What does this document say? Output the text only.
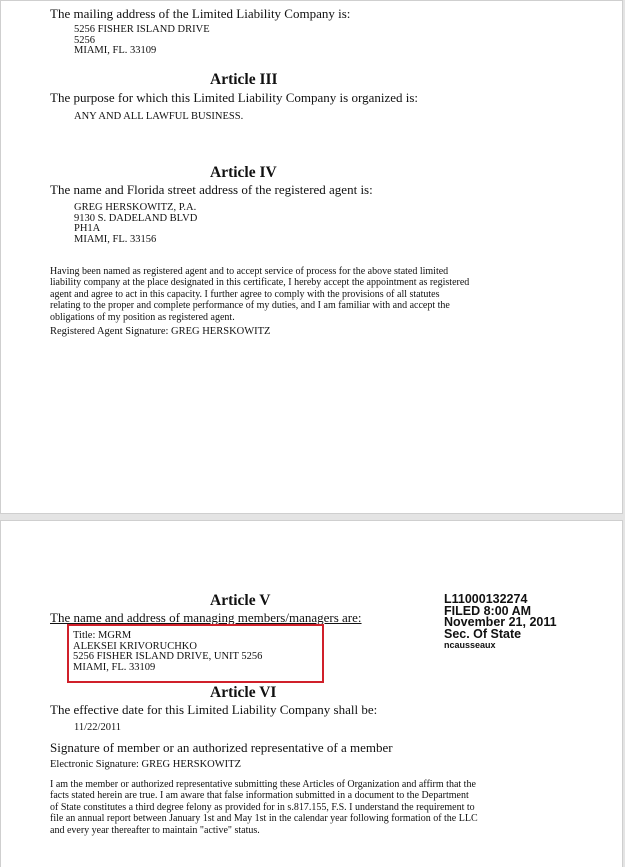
The mailing address of the Limited Liability Company is:
5256 FISHER ISLAND DRIVE
5256
MIAMI, FL. 33109
Article III
The purpose for which this Limited Liability Company is organized is:
ANY AND ALL LAWFUL BUSINESS.
Article IV
The name and Florida street address of the registered agent is:
GREG HERSKOWITZ, P.A.
9130 S. DADELAND BLVD
PH1A
MIAMI, FL. 33156
Having been named as registered agent and to accept service of process for the above stated limited
liability company at the place designated in this certificate, I hereby accept the appointment as registered
agent and agree to act in this capacity. I further agree to comply with the provisions of all statutes
relating to the proper and complete performance of my duties, and I am familiar with and accept the
obligations of my position as registered agent.
Registered Agent Signature: GREG HERSKOWITZ
L11000132274
FILED 8:00 AM
November 21, 2011
Sec. Of State
ncausseaux
Article V
The name and address of managing members/managers are:
Title: MGRM
ALEKSEI KRIVORUCHKO
5256 FISHER ISLAND DRIVE, UNIT 5256
MIAMI, FL. 33109
Article VI
The effective date for this Limited Liability Company shall be:
11/22/2011
Signature of member or an authorized representative of a member
Electronic Signature: GREG HERSKOWITZ
I am the member or authorized representative submitting these Articles of Organization and affirm that the
facts stated herein are true. I am aware that false information submitted in a document to the Department
of State constitutes a third degree felony as provided for in s.817.155, F.S. I understand the requirement to
file an annual report between January 1st and May 1st in the calendar year following formation of the LLC
and every year thereafter to maintain "active" status.
